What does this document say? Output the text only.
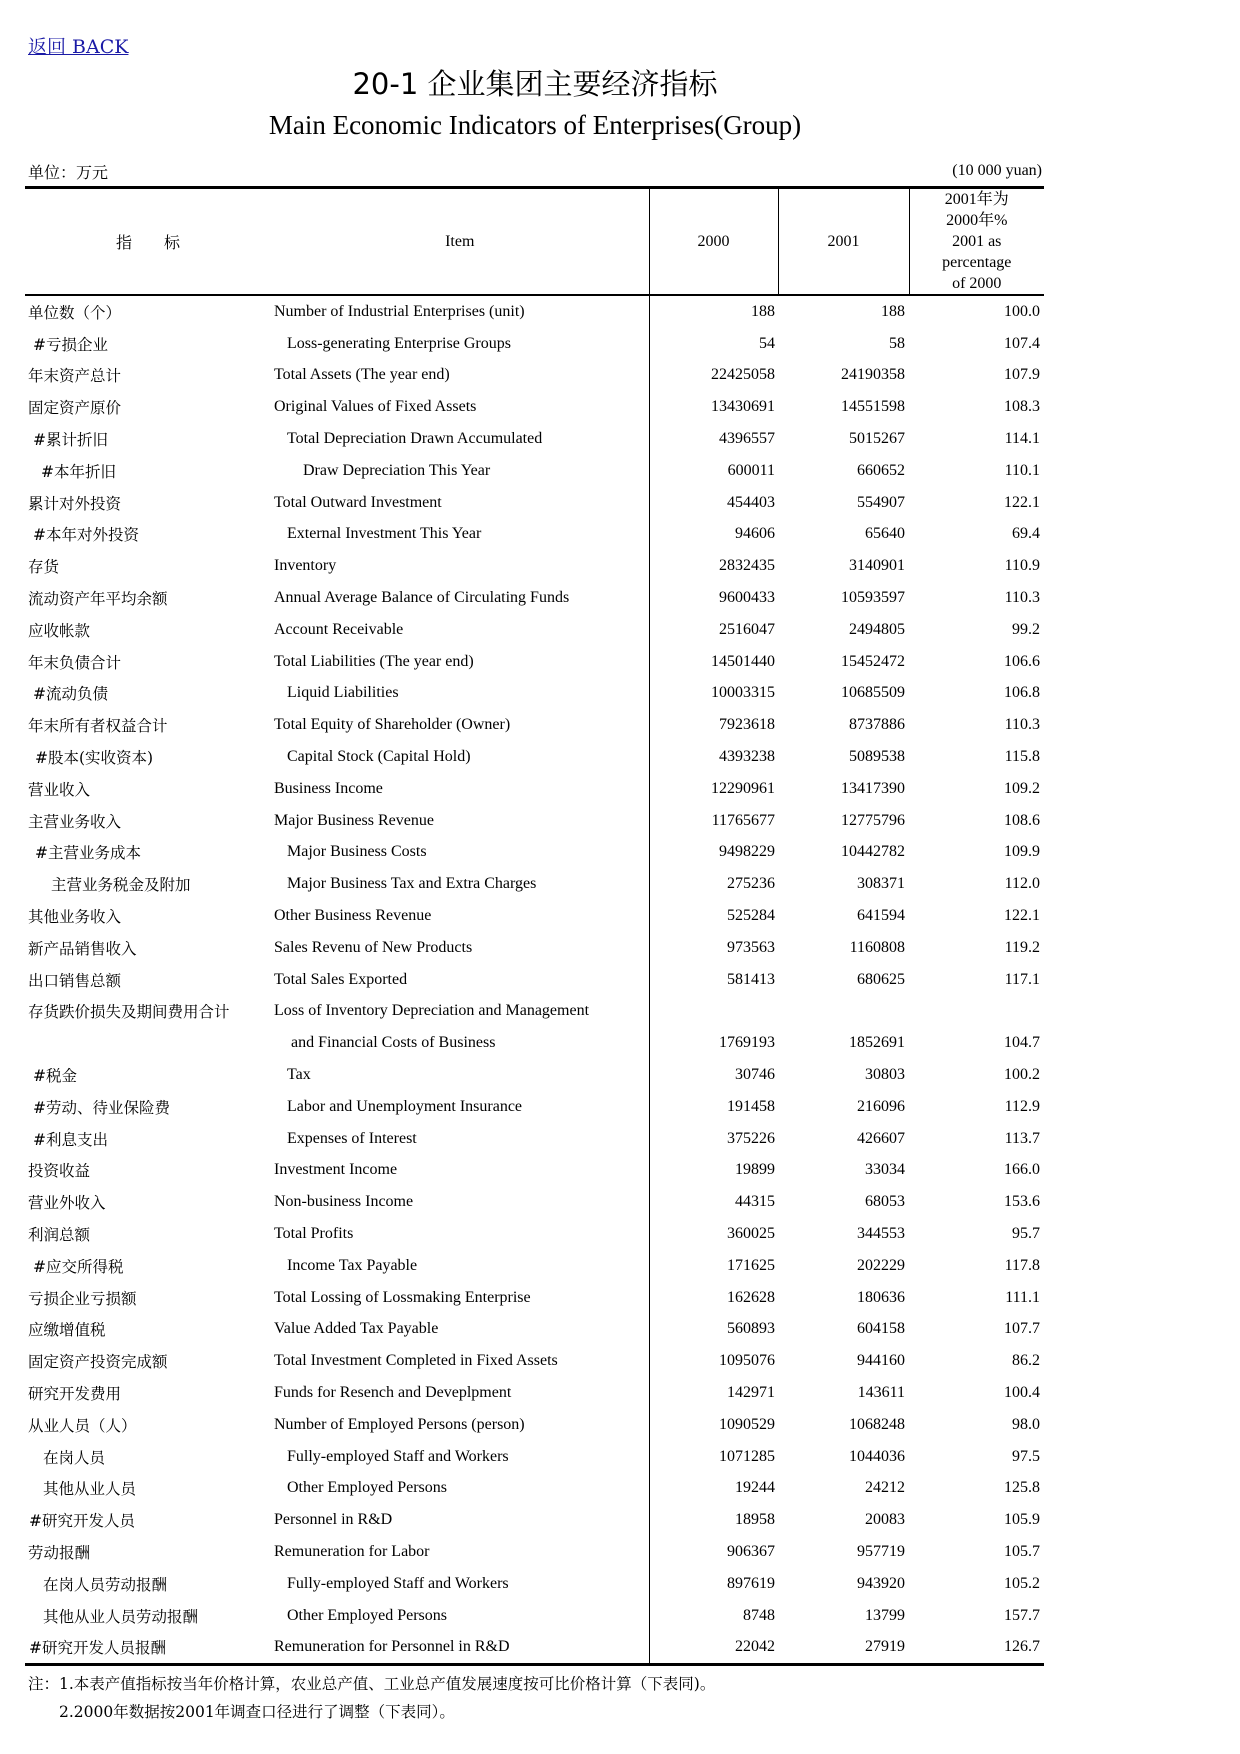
返回 BACK
20-1 企业集团主要经济指标
Main Economic Indicators of Enterprises(Group)
单位：万元	(10 000 yuan)
指　　标	Item	2000	2001	2001年为
2000年%
2001 as
percentage
of 2000

单位数（个）	Number of Industrial Enterprises (unit)	188	188	100.0
#亏损企业	Loss-generating Enterprise Groups	54	58	107.4
年末资产总计	Total Assets (The year end)	22425058	24190358	107.9
固定资产原价	Original Values of Fixed Assets	13430691	14551598	108.3
#累计折旧	Total Depreciation Drawn Accumulated	4396557	5015267	114.1
#本年折旧	Draw Depreciation This Year	600011	660652	110.1
累计对外投资	Total Outward Investment	454403	554907	122.1
#本年对外投资	External Investment This Year	94606	65640	69.4
存货	Inventory	2832435	3140901	110.9
流动资产年平均余额	Annual Average Balance of Circulating Funds	9600433	10593597	110.3
应收帐款	Account Receivable	2516047	2494805	99.2
年末负债合计	Total Liabilities (The year end)	14501440	15452472	106.6
#流动负债	Liquid Liabilities	10003315	10685509	106.8
年末所有者权益合计	Total Equity of Shareholder (Owner)	7923618	8737886	110.3
#股本(实收资本)	Capital Stock (Capital Hold)	4393238	5089538	115.8
营业收入	Business Income	12290961	13417390	109.2
主营业务收入	Major Business Revenue	11765677	12775796	108.6
#主营业务成本	Major Business Costs	9498229	10442782	109.9
主营业务税金及附加	Major Business Tax and Extra Charges	275236	308371	112.0
其他业务收入	Other Business Revenue	525284	641594	122.1
新产品销售收入	Sales Revenu of New Products	973563	1160808	119.2
出口销售总额	Total Sales Exported	581413	680625	117.1
存货跌价损失及期间费用合计	Loss of Inventory Depreciation and Management			
	and Financial Costs of Business	1769193	1852691	104.7
#税金	Tax	30746	30803	100.2
#劳动、待业保险费	Labor and Unemployment Insurance	191458	216096	112.9
#利息支出	Expenses of Interest	375226	426607	113.7
投资收益	Investment Income	19899	33034	166.0
营业外收入	Non-business Income	44315	68053	153.6
利润总额	Total Profits	360025	344553	95.7
#应交所得税	Income Tax Payable	171625	202229	117.8
亏损企业亏损额	Total Lossing of Lossmaking Enterprise	162628	180636	111.1
应缴增值税	Value Added Tax Payable	560893	604158	107.7
固定资产投资完成额	Total Investment Completed in Fixed Assets	1095076	944160	86.2
研究开发费用	Funds for Resench and Deveplpment	142971	143611	100.4
从业人员（人）	Number of Employed Persons (person)	1090529	1068248	98.0
在岗人员	Fully-employed Staff and Workers	1071285	1044036	97.5
其他从业人员	Other Employed Persons	19244	24212	125.8
#研究开发人员	Personnel in R&D	18958	20083	105.9
劳动报酬	Remuneration for Labor	906367	957719	105.7
在岗人员劳动报酬	Fully-employed Staff and Workers	897619	943920	105.2
其他从业人员劳动报酬	Other Employed Persons	8748	13799	157.7
#研究开发人员报酬	Remuneration for Personnel in R&D	22042	27919	126.7
注：1.本表产值指标按当年价格计算，农业总产值、工业总产值发展速度按可比价格计算（下表同)。
　　2.2000年数据按2001年调查口径进行了调整（下表同）。
